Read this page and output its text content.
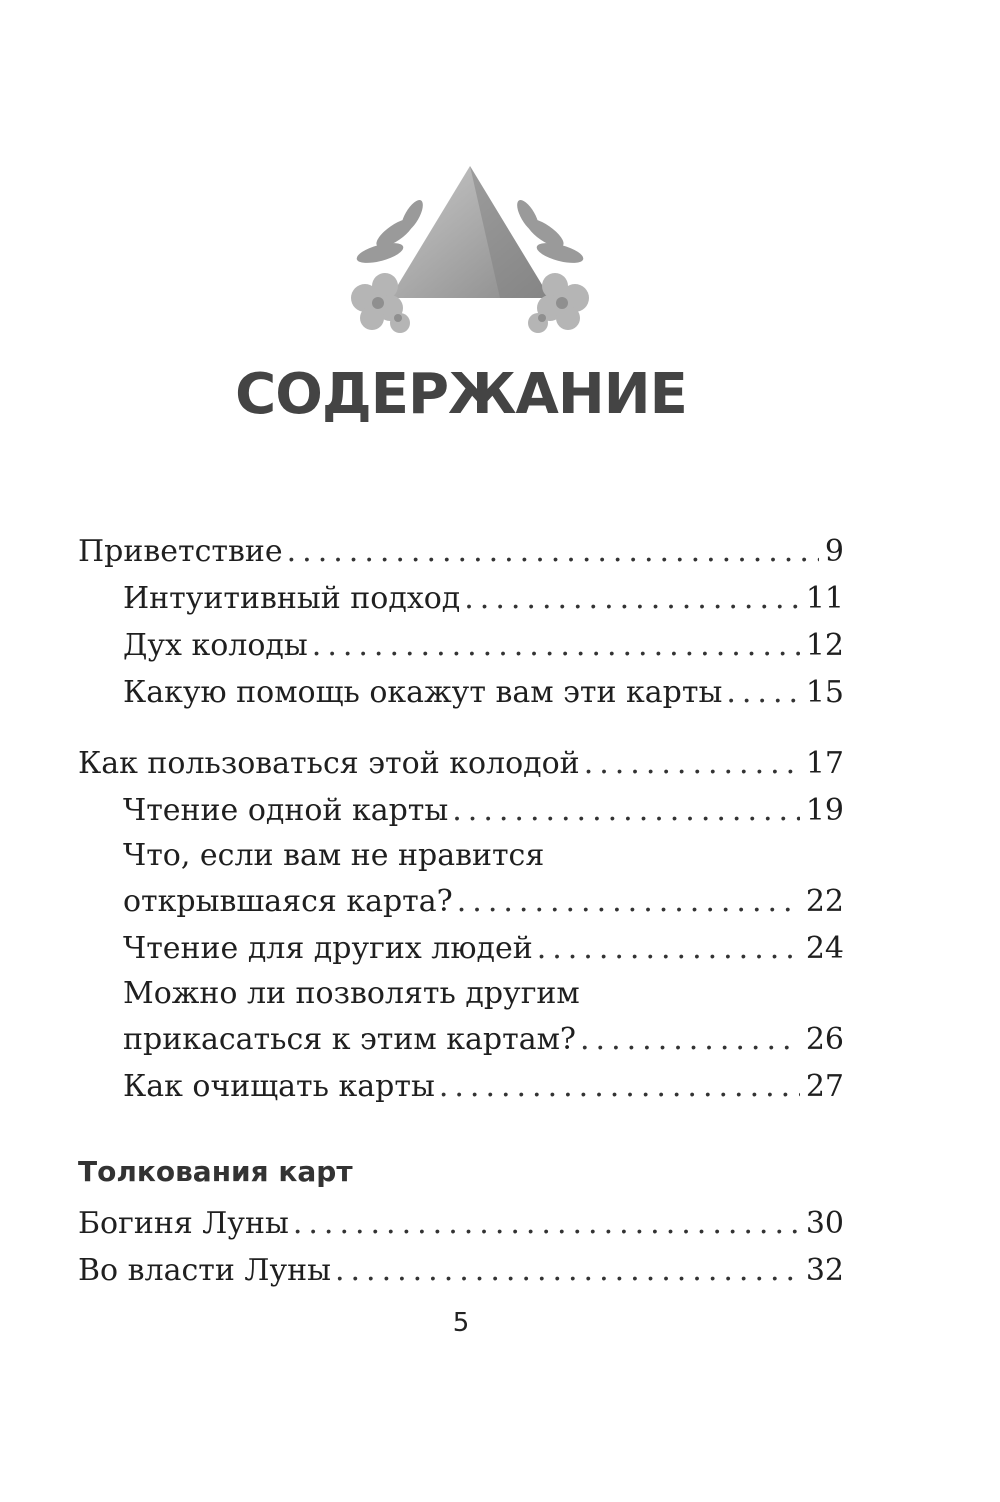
СОДЕРЖАНИЕ
Приветствие .....	9
Интуитивный подход .....	11
Дух колоды .....	12
Какую помощь окажут вам эти карты .....	15
Как пользоваться этой колодой .....	17
Чтение одной карты .....	19
Что, если вам не нравится
открывшаяся карта? .....	22
Чтение для других людей .....	24
Можно ли позволять другим
прикасаться к этим картам? .....	26
Как очищать карты .....	27
Толкования карт
Богиня Луны .....	30
Во власти Луны .....	32
5
